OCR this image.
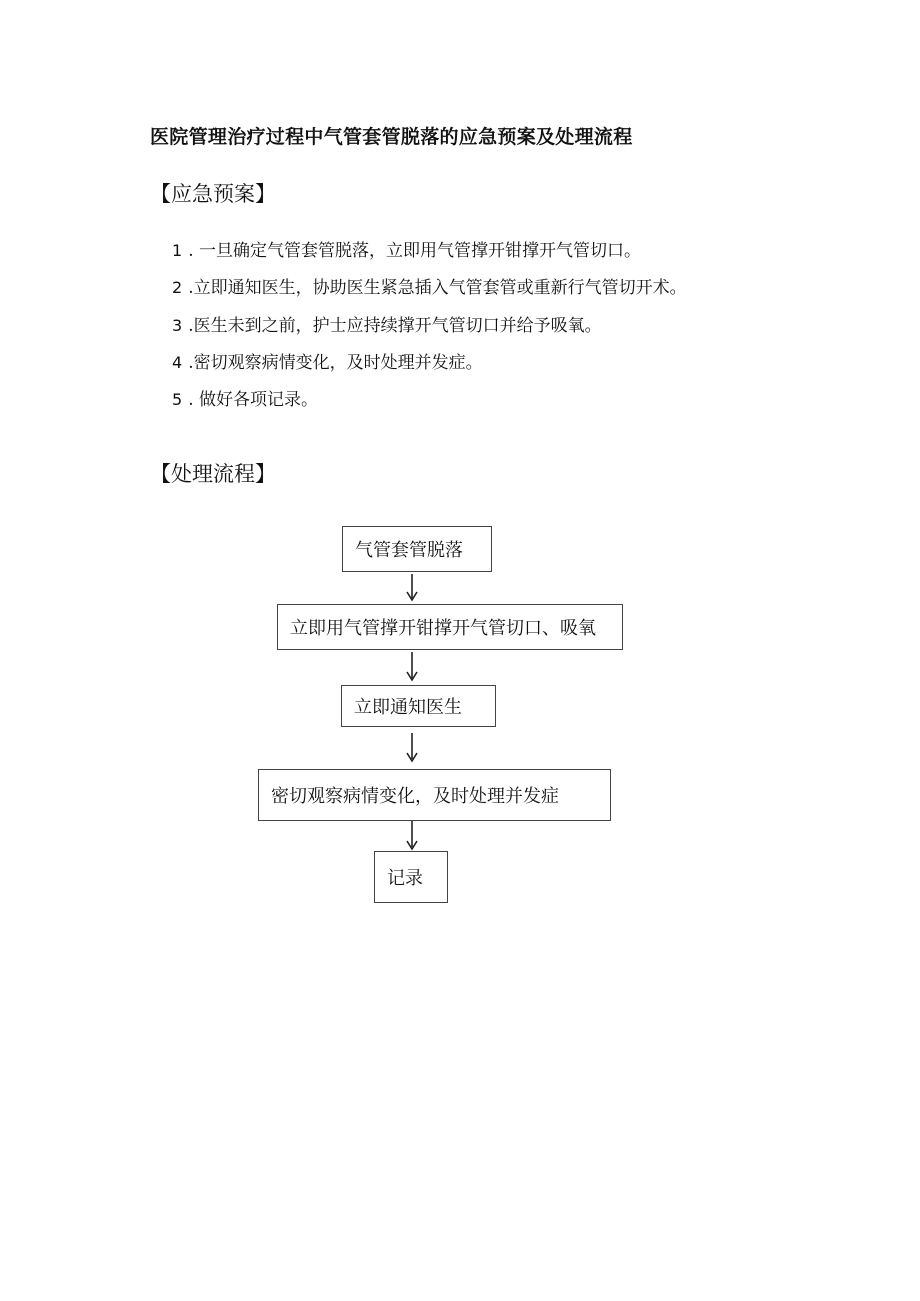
医院管理治疗过程中气管套管脱落的应急预案及处理流程
【应急预案】
1 . 一旦确定气管套管脱落，立即用气管撑开钳撑开气管切口。
2 .立即通知医生，协助医生紧急插入气管套管或重新行气管切开术。
3 .医生未到之前，护士应持续撑开气管切口并给予吸氧。
4 .密切观察病情变化，及时处理并发症。
5 . 做好各项记录。
【处理流程】
气管套管脱落
立即用气管撑开钳撑开气管切口、吸氧
立即通知医生
密切观察病情变化，及时处理并发症
记录
